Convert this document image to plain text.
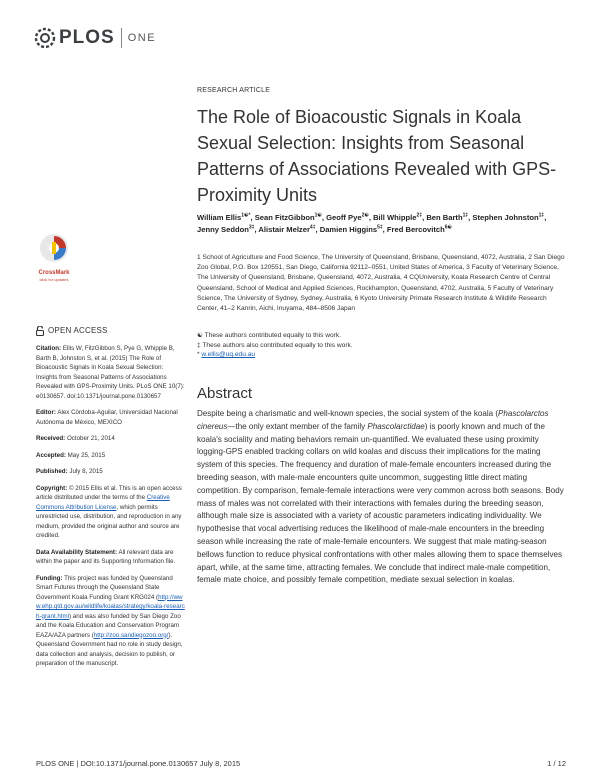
PLOS ONE
CrossMark
click for updates
OPEN ACCESS

Citation: Ellis W, FitzGibbon S, Pye G, Whipple B, Barth B, Johnston S, et al. (2015) The Role of Bioacoustic Signals in Koala Sexual Selection: Insights from Seasonal Patterns of Associations Revealed with GPS-Proximity Units. PLoS ONE 10(7): e0130657. doi:10.1371/journal.pone.0130657

Editor: Alex Córdoba-Aguilar, Universidad Nacional Autónoma de México, MEXICO

Received: October 21, 2014

Accepted: May 25, 2015

Published: July 8, 2015

Copyright: © 2015 Ellis et al. This is an open access article distributed under the terms of the Creative Commons Attribution License, which permits unrestricted use, distribution, and reproduction in any medium, provided the original author and source are credited.

Data Availability Statement: All relevant data are within the paper and its Supporting Information file.

Funding: This project was funded by Queensland Smart Futures through the Queensland State Government Koala Funding Grant KRG024 (http://www.ehp.qld.gov.au/wildlife/koalas/strategy/koala-research-grant.html) and was also funded by San Diego Zoo and the Koala Education and Conservation Program EAZA/AZA partners (http://zoo.sandiegozoo.org/). Queensland Government had no role in study design, data collection and analysis, decision to publish, or preparation of the manuscript.

RESEARCH ARTICLE
The Role of Bioacoustic Signals in Koala Sexual Selection: Insights from Seasonal Patterns of Associations Revealed with GPS-Proximity Units
William Ellis$^{1☯*}$, Sean FitzGibbon$^{1☯}$, Geoff Pye$^{2☯}$, Bill Whipple$^{2\ddagger}$, Ben Barth$^{1\ddagger}$, Stephen Johnston$^{1\ddagger}$, Jenny Seddon$^{3\ddagger}$, Alistair Melzer$^{4\ddagger}$, Damien Higgins$^{5\ddagger}$, Fred Bercovitch$^{6☯}$
1 School of Agriculture and Food Science, The University of Queensland, Brisbane, Queensland, 4072, Australia, 2 San Diego Zoo Global, P.O. Box 120551, San Diego, California 92112–0551, United States of America, 3 Faculty of Veterinary Science, The University of Queensland, Brisbane, Queensland, 4072, Australia, 4 CQUniversity, Koala Research Centre of Central Queensland, School of Medical and Applied Sciences, Rockhampton, Queensland, 4702, Australia, 5 Faculty of Veterinary Science, The University of Sydney, Sydney, Australia, 6 Kyoto University Primate Research Institute & Wildlife Research Center, 41–2 Kanrin, Aichi, Inuyama, 484–8506 Japan
☯ These authors contributed equally to this work.
‡ These authors also contributed equally to this work.
* w.ellis@uq.edu.au
Abstract
Despite being a charismatic and well-known species, the social system of the koala (Phascolarctos cinereus—the only extant member of the family Phascolarctidae) is poorly known and much of the koala's sociality and mating behaviors remain un-quantified. We evaluated these using proximity logging-GPS enabled tracking collars on wild koalas and discuss their implications for the mating system of this species. The frequency and duration of male-female encounters increased during the breeding season, with male-male encounters quite uncommon, suggesting little direct mating competition. By comparison, female-female interactions were very common across both seasons. Body mass of males was not correlated with their interactions with females during the breeding season, although male size is associated with a variety of acoustic parameters indicating individuality. We hypothesise that vocal advertising reduces the likelihood of male-male encounters in the breeding season while increasing the rate of male-female encounters. We suggest that male mating-season bellows function to reduce physical confrontations with other males allowing them to space themselves apart, while, at the same time, attracting females. We conclude that indirect male-male competition, female mate choice, and possibly female competition, mediate sexual selection in koalas.
PLOS ONE | DOI:10.1371/journal.pone.0130657 July 8, 2015	1 / 12
